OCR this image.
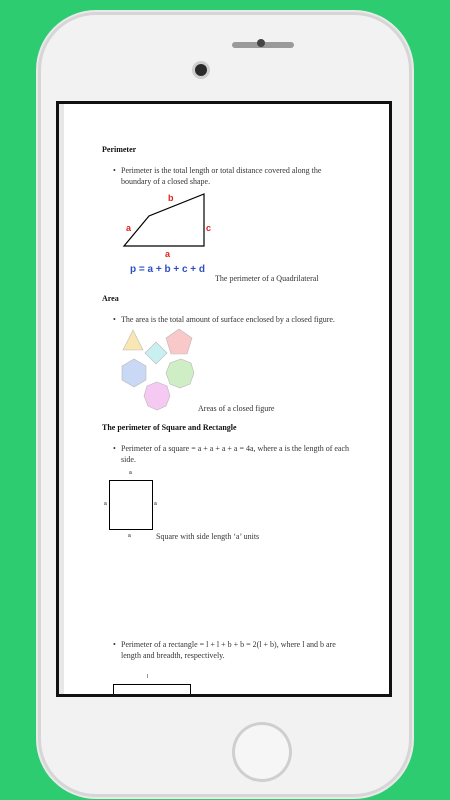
Perimeter
• Perimeter is the total length or total distance covered along the boundary of a closed shape.
a
b
c
a
p = a + b + c + d
The perimeter of a Quadrilateral
Area
• The area is the total amount of surface enclosed by a closed figure.
Areas of a closed figure
The perimeter of Square and Rectangle
• Perimeter of a square = a + a + a + a = 4a, where a is the length of each side.
a
a	a
a	Square with side length ‘a’ units
• Perimeter of a rectangle = l + l + b + b = 2(l + b), where l and b are length and breadth, respectively.
l
